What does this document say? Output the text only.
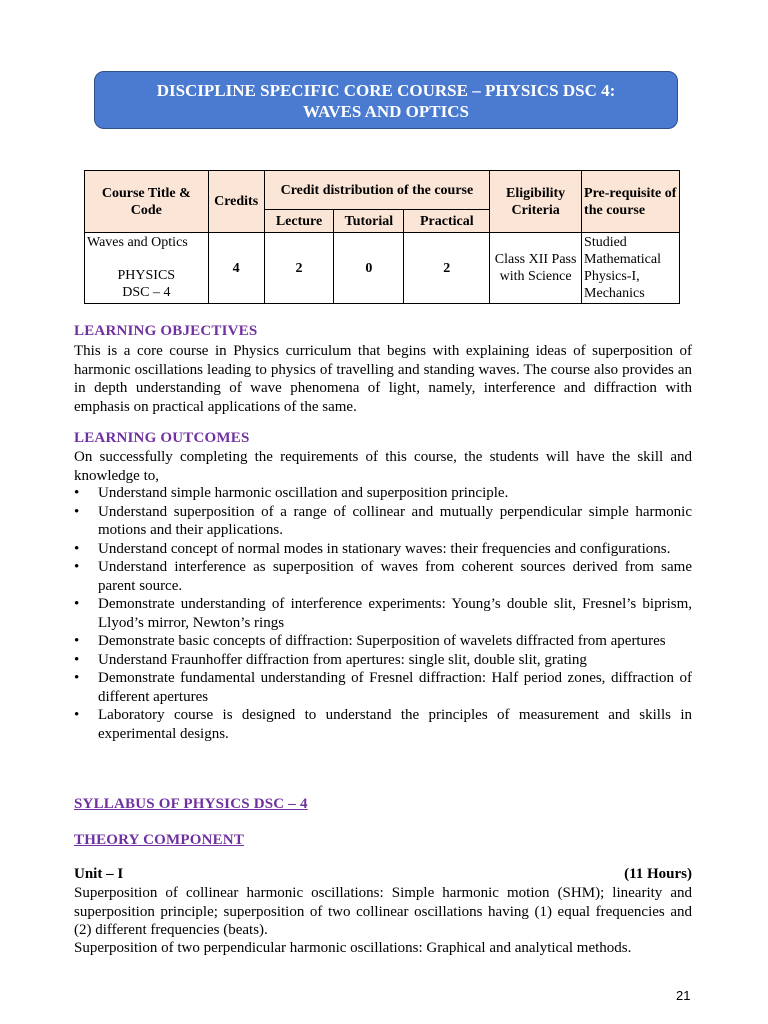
DISCIPLINE SPECIFIC CORE COURSE – PHYSICS DSC 4:
WAVES AND OPTICS
Course Title & Code	Credits	Credit distribution of the course			Eligibility Criteria	Pre-requisite of the course
		Lecture	Tutorial	Practical		

Waves and Optics
PHYSICS
DSC – 4	4	2	0	2	Class XII Pass with Science	Studied Mathematical Physics-I, Mechanics
LEARNING OBJECTIVES
This is a core course in Physics curriculum that begins with explaining ideas of superposition of harmonic oscillations leading to physics of travelling and standing waves. The course also provides an in depth understanding of wave phenomena of light, namely, interference and diffraction with emphasis on practical applications of the same.
LEARNING OUTCOMES
On successfully completing the requirements of this course, the students will have the skill and knowledge to,
• Understand simple harmonic oscillation and superposition principle.
• Understand superposition of a range of collinear and mutually perpendicular simple harmonic motions and their applications.
• Understand concept of normal modes in stationary waves: their frequencies and configurations.
• Understand interference as superposition of waves from coherent sources derived from same parent source.
• Demonstrate understanding of interference experiments: Young’s double slit, Fresnel’s biprism, Llyod’s mirror, Newton’s rings
• Demonstrate basic concepts of diffraction: Superposition of wavelets diffracted from apertures
• Understand Fraunhoffer diffraction from apertures: single slit, double slit, grating
• Demonstrate fundamental understanding of Fresnel diffraction: Half period zones, diffraction of different apertures
• Laboratory course is designed to understand the principles of measurement and skills in experimental designs.
SYLLABUS OF PHYSICS DSC – 4
THEORY COMPONENT
Unit – I	(11 Hours)
Superposition of collinear harmonic oscillations: Simple harmonic motion (SHM); linearity and superposition principle; superposition of two collinear oscillations having (1) equal frequencies and (2) different frequencies (beats).
Superposition of two perpendicular harmonic oscillations: Graphical and analytical methods.
21
